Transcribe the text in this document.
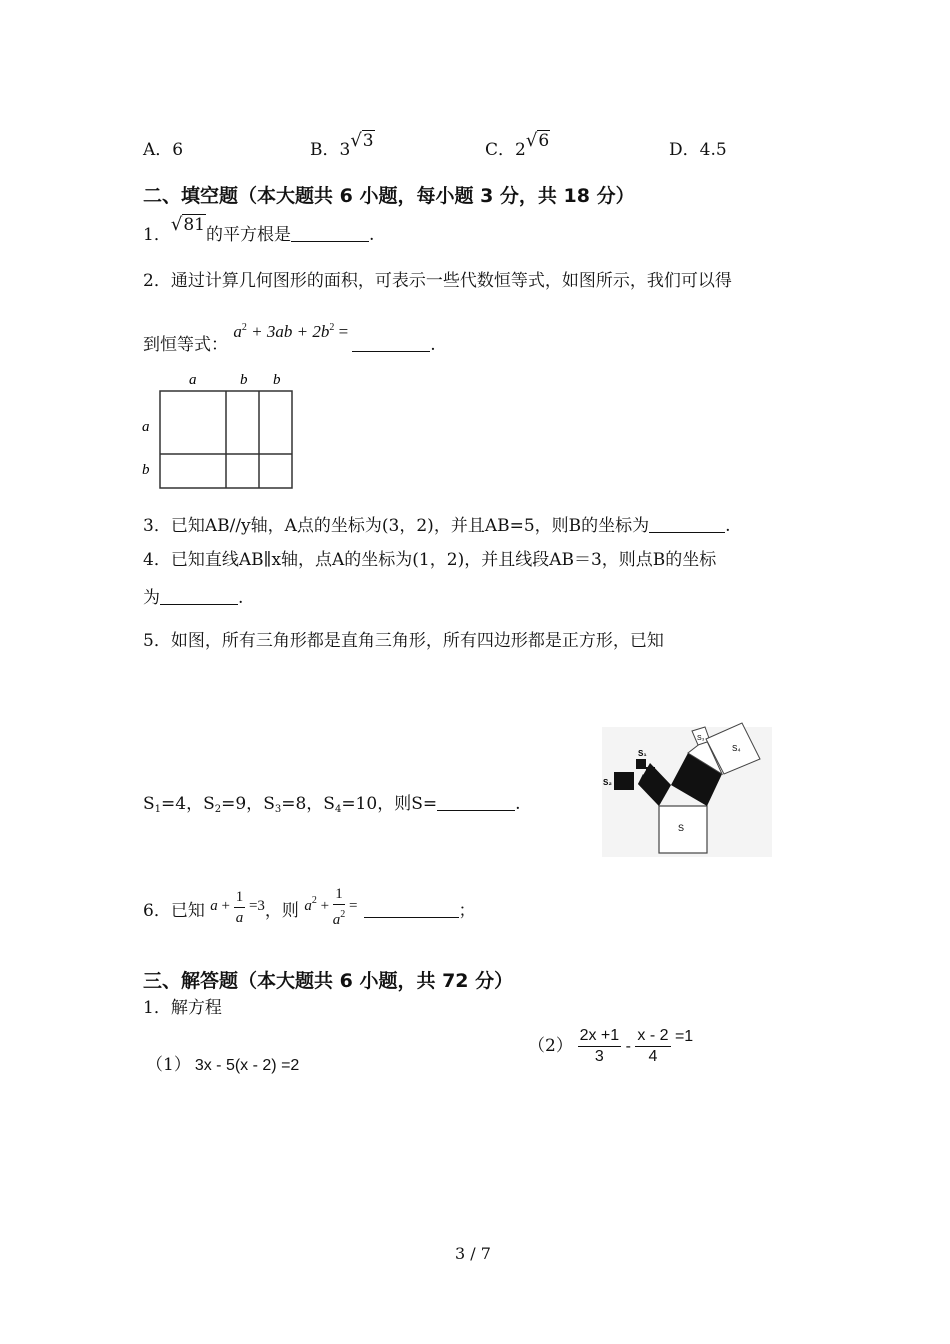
A．6	B．3√3	C．2√6	D．4.5
二、填空题（本大题共 6 小题，每小题 3 分，共 18 分）
1．√81的平方根是	.
2．通过计算几何图形的面积，可表示一些代数恒等式，如图所示，我们可以得
到恒等式： $a^2 + 3ab + 2b^2$ =.
a	b b
a
b
3．已知AB//y轴，A点的坐标为(3，2)，并且AB=5，则B的坐标为	.
4．已知直线AB∥x轴，点A的坐标为(1，2)，并且线段AB＝3，则点B的坐标
为	.
5．如图，所有三角形都是直角三角形，所有四边形都是正方形，已知
$S_1=4$，$S_2=9$，$S_3=8$，$S_4=10$，则S=	.
S
S₁
S₂
S₃
S₄
6．已知 $a + \frac{1}{a} =3$，则 $a^2 + \frac{1}{a^2}$ =	；
三、解答题（本大题共 6 小题，共 72 分）
1．解方程
（1） 3x - 5(x - 2) =2
$(2) \frac{2x +1}{3} - \frac{x - 2}{4} =1$
3 / 7
